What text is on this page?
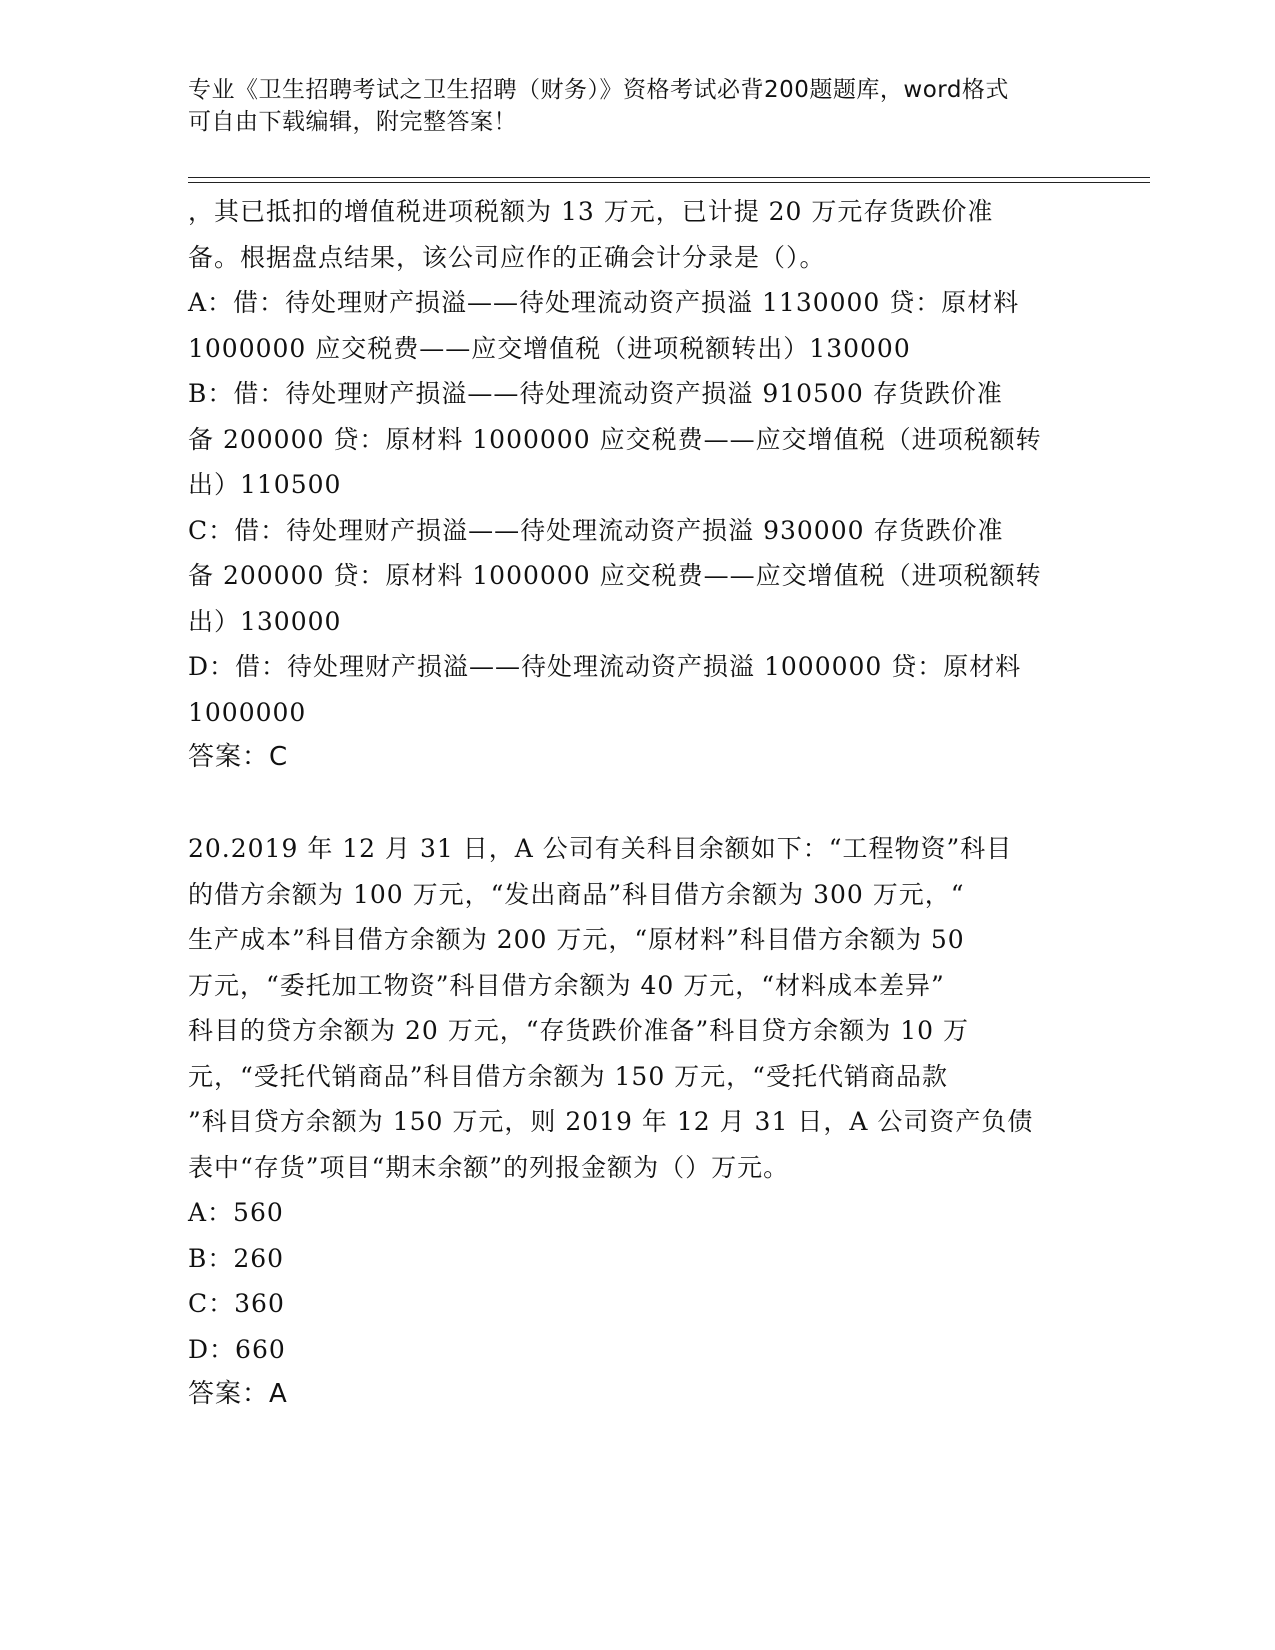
专业《卫生招聘考试之卫生招聘（财务）》资格考试必背200题题库，word格式
可自由下载编辑，附完整答案！
，其已抵扣的增值税进项税额为 13 万元，已计提 20 万元存货跌价准
备。根据盘点结果，该公司应作的正确会计分录是（）。
A：借：待处理财产损溢——待处理流动资产损溢 1130000 贷：原材料
1000000 应交税费——应交增值税（进项税额转出）130000
B：借：待处理财产损溢——待处理流动资产损溢 910500 存货跌价准
备 200000 贷：原材料 1000000 应交税费——应交增值税（进项税额转
出）110500
C：借：待处理财产损溢——待处理流动资产损溢 930000 存货跌价准
备 200000 贷：原材料 1000000 应交税费——应交增值税（进项税额转
出）130000
D：借：待处理财产损溢——待处理流动资产损溢 1000000 贷：原材料
1000000
答案：C
20.2019 年 12 月 31 日，A 公司有关科目余额如下：“工程物资”科目
的借方余额为 100 万元，“发出商品”科目借方余额为 300 万元，“
生产成本”科目借方余额为 200 万元，“原材料”科目借方余额为 50
万元，“委托加工物资”科目借方余额为 40 万元，“材料成本差异”
科目的贷方余额为 20 万元，“存货跌价准备”科目贷方余额为 10 万
元，“受托代销商品”科目借方余额为 150 万元，“受托代销商品款
”科目贷方余额为 150 万元，则 2019 年 12 月 31 日，A 公司资产负债
表中“存货”项目“期末余额”的列报金额为（）万元。
A：560
B：260
C：360
D：660
答案：A
